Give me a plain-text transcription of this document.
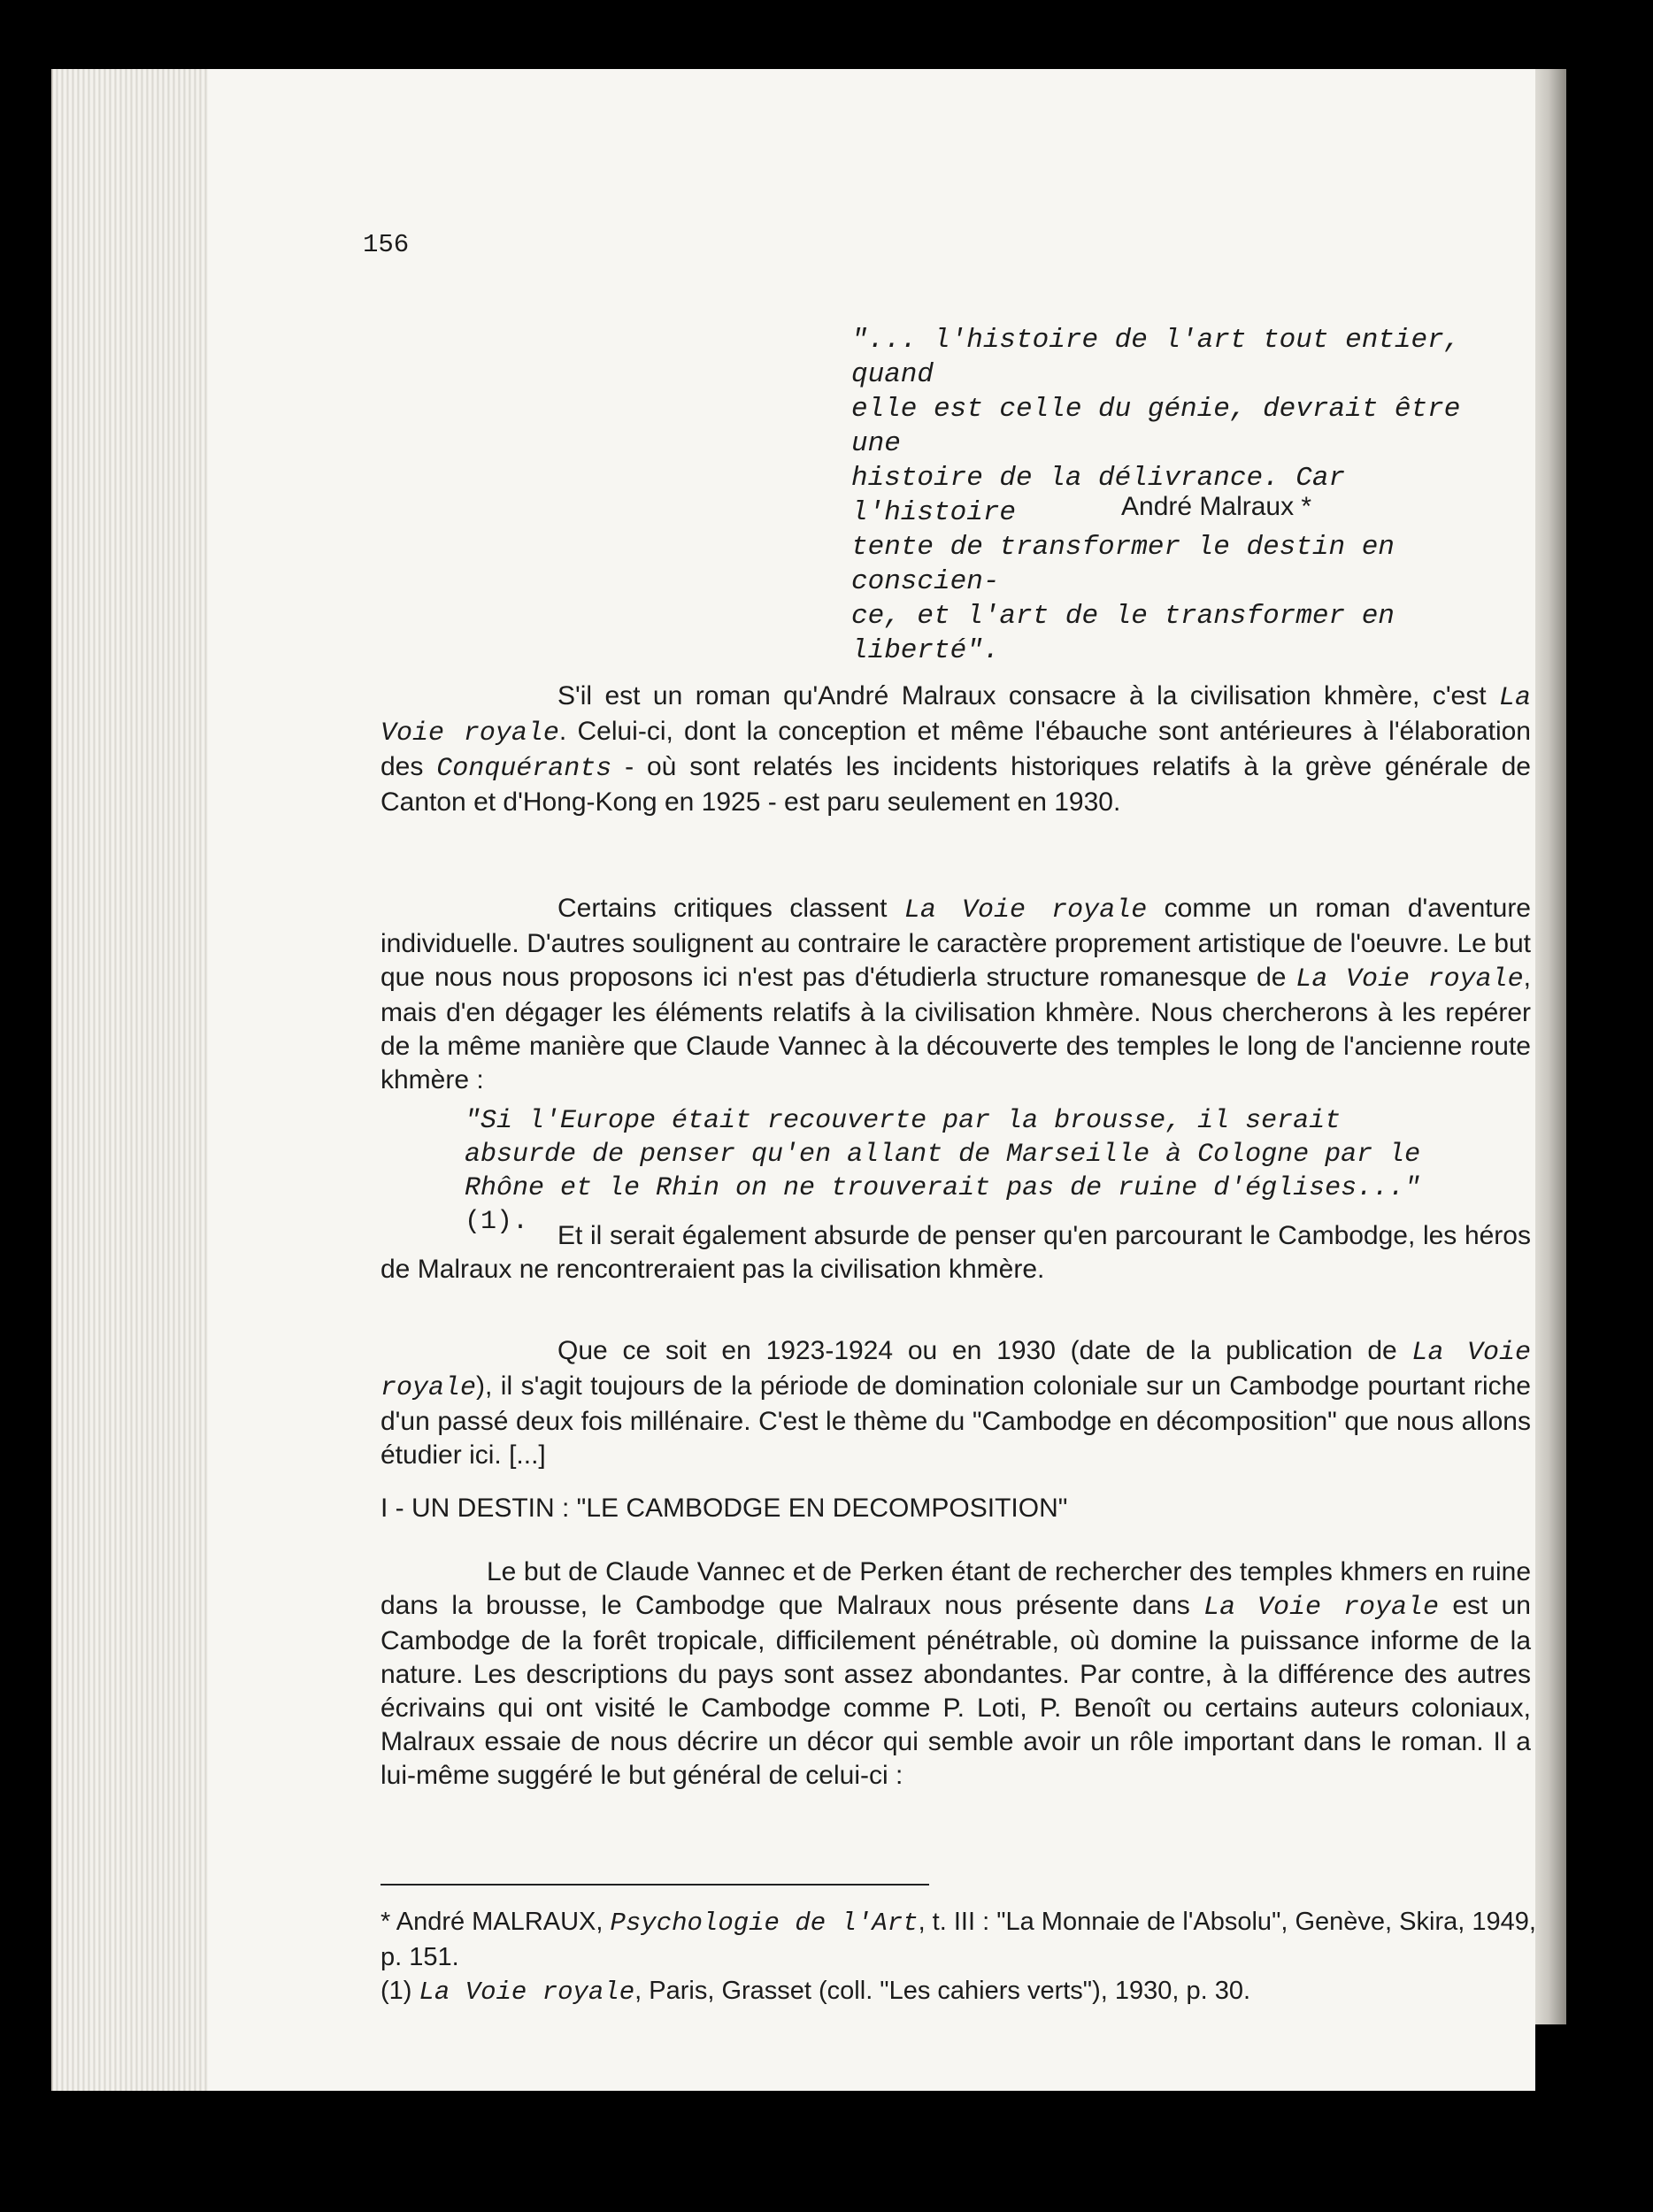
156

"... l'histoire de l'art tout entier, quand

elle est celle du génie, devrait être une

histoire de la délivrance. Car l'histoire

tente de transformer le destin en conscien-

ce, et l'art de le transformer en liberté".

André Malraux *

S'il est un roman qu'André Malraux consacre à la civilisation khmère, c'est La Voie royale. Celui-ci, dont la conception et même l'ébauche sont antérieures à l'élaboration des Conquérants - où sont relatés les incidents historiques relatifs à la grève générale de Canton et d'Hong-Kong en 1925 - est paru seulement en 1930.

Certains critiques classent La Voie royale comme un roman d'aventure individuelle. D'autres soulignent au contraire le caractère proprement artistique de l'oeuvre. Le but que nous nous proposons ici n'est pas d'étudierla structure romanesque de La Voie royale, mais d'en dégager les éléments relatifs à la civilisation khmère. Nous chercherons à les repérer de la même manière que Claude Vannec à la découverte des temples le long de l'ancienne route khmère :

"Si l'Europe était recouverte par la brousse, il serait absurde de penser qu'en allant de Marseille à Cologne par le Rhône et le Rhin on ne trouverait pas de ruine d'églises..."(1).	Et il serait également absurde de penser qu'en parcourant le Cambodge, les héros de Malraux ne rencontreraient pas la civilisation khmère.

Que ce soit en 1923-1924 ou en 1930 (date de la publication de La Voie royale), il s'agit toujours de la période de domination coloniale sur un Cambodge pourtant riche d'un passé deux fois millénaire. C'est le thème du "Cambodge en décomposition" que nous allons étudier ici. [...]

I - UN DESTIN : "LE CAMBODGE EN DECOMPOSITION"

Le but de Claude Vannec et de Perken étant de rechercher des temples khmers en ruine dans la brousse, le Cambodge que Malraux nous présente dans La Voie royale est un Cambodge de la forêt tropicale, difficilement pénétrable, où domine la puissance informe de la nature. Les descriptions du pays sont assez abondantes. Par contre, à la différence des autres écrivains qui ont visité le Cambodge comme P. Loti, P. Benoît ou certains auteurs coloniaux, Malraux essaie de nous décrire un décor qui semble avoir un rôle important dans le roman. Il a lui-même suggéré le but général de celui-ci :

* André MALRAUX, Psychologie de l'Art, t. III : "La Monnaie de l'Absolu", Genève, Skira, 1949, p. 151.

(1) La Voie royale, Paris, Grasset (coll. "Les cahiers verts"), 1930, p. 30.
